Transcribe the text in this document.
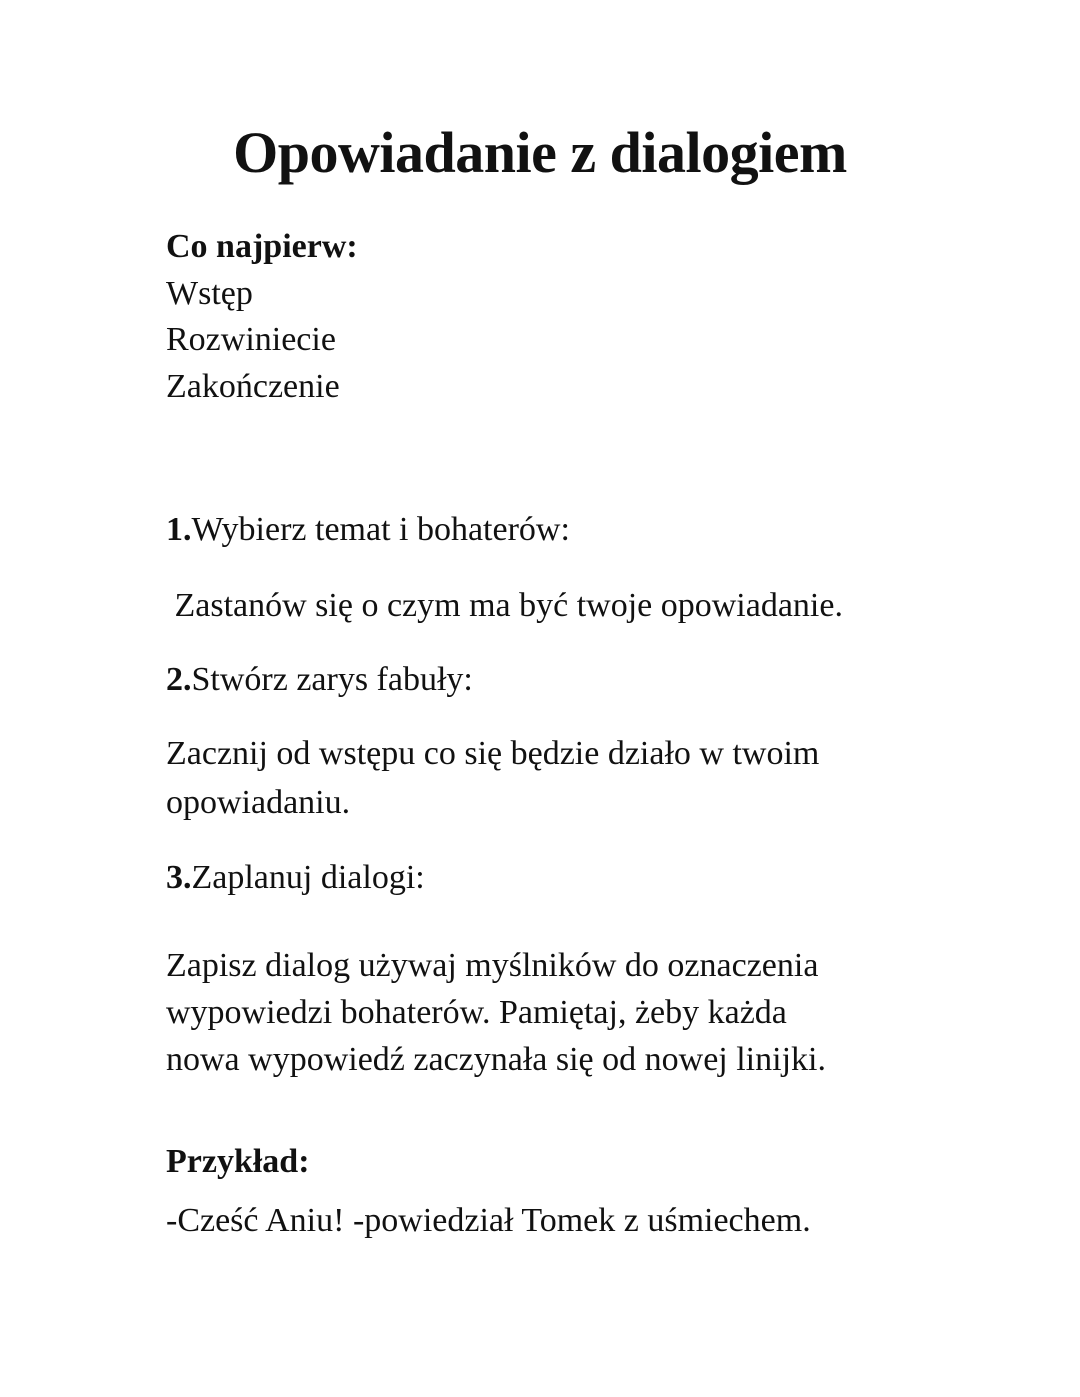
Opowiadanie z dialogiem

Co najpierw:

Wstęp

Rozwiniecie

Zakończenie

1.Wybierz temat i bohaterów:

Zastanów się o czym ma być twoje opowiadanie.

2.Stwórz zarys fabuły:

Zacznij od wstępu co się będzie działo w twoim

opowiadaniu.

3.Zaplanuj dialogi:

Zapisz dialog używaj myślników do oznaczenia

wypowiedzi bohaterów. Pamiętaj, żeby każda

nowa wypowiedź zaczynała się od nowej linijki.

Przykład:

-Cześć Aniu! -powiedział Tomek z uśmiechem.
